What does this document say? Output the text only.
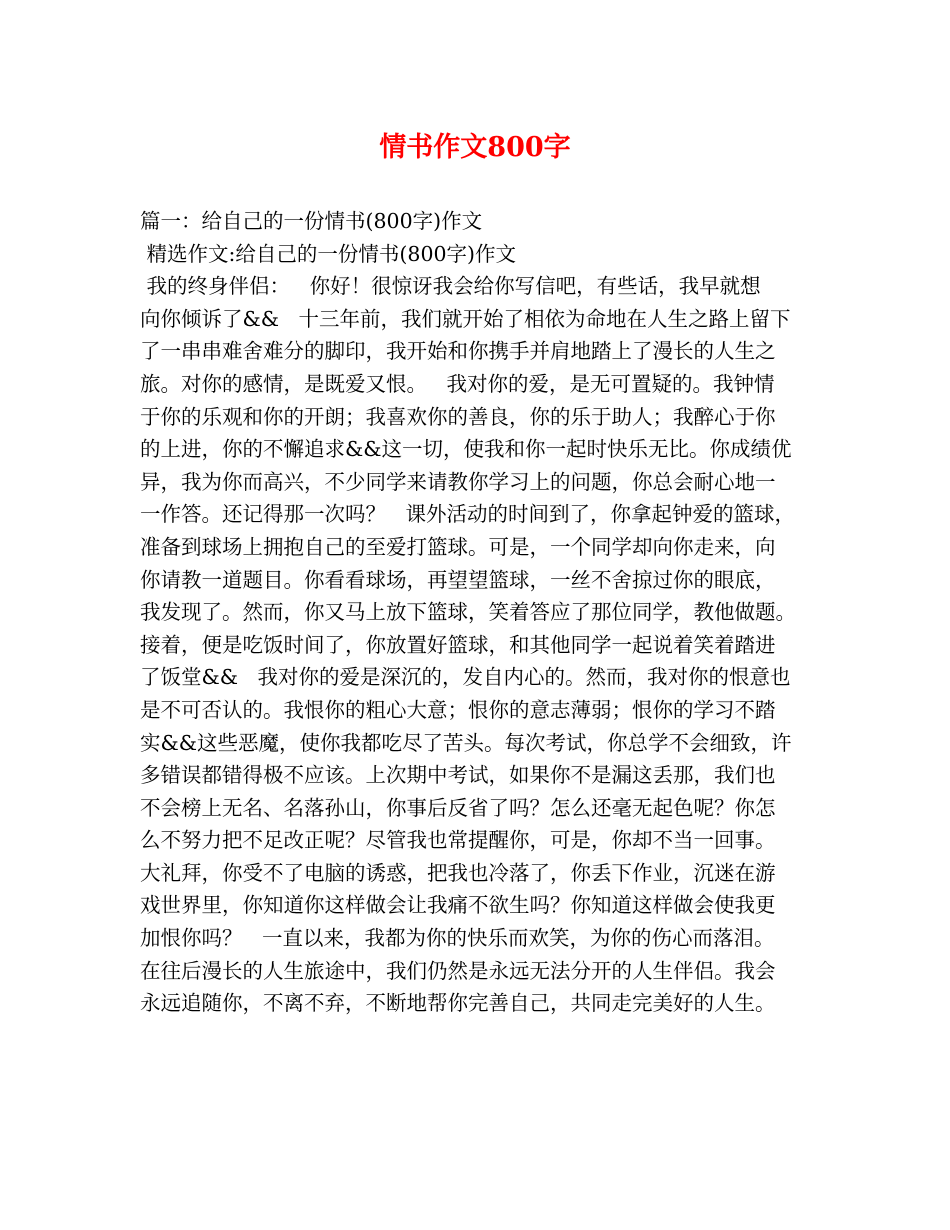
情书作文800字
篇一：给自己的一份情书(800字)作文
精选作文:给自己的一份情书(800字)作文
我的终身伴侣：   你好！很惊讶我会给你写信吧，有些话，我早就想
向你倾诉了&&   十三年前，我们就开始了相依为命地在人生之路上留下
了一串串难舍难分的脚印，我开始和你携手并肩地踏上了漫长的人生之
旅。对你的感情，是既爱又恨。   我对你的爱，是无可置疑的。我钟情
于你的乐观和你的开朗；我喜欢你的善良，你的乐于助人；我醉心于你
的上进，你的不懈追求&&这一切，使我和你一起时快乐无比。你成绩优
异，我为你而高兴，不少同学来请教你学习上的问题，你总会耐心地一
一作答。还记得那一次吗？   课外活动的时间到了，你拿起钟爱的篮球，
准备到球场上拥抱自己的至爱打篮球。可是，一个同学却向你走来，向
你请教一道题目。你看看球场，再望望篮球，一丝不舍掠过你的眼底，
我发现了。然而，你又马上放下篮球，笑着答应了那位同学，教他做题。
接着，便是吃饭时间了，你放置好篮球，和其他同学一起说着笑着踏进
了饭堂&&   我对你的爱是深沉的，发自内心的。然而，我对你的恨意也
是不可否认的。我恨你的粗心大意；恨你的意志薄弱；恨你的学习不踏
实&&这些恶魔，使你我都吃尽了苦头。每次考试，你总学不会细致，许
多错误都错得极不应该。上次期中考试，如果你不是漏这丢那，我们也
不会榜上无名、名落孙山，你事后反省了吗？怎么还毫无起色呢？你怎
么不努力把不足改正呢？尽管我也常提醒你，可是，你却不当一回事。
大礼拜，你受不了电脑的诱惑，把我也冷落了，你丢下作业，沉迷在游
戏世界里，你知道你这样做会让我痛不欲生吗？你知道这样做会使我更
加恨你吗？   一直以来，我都为你的快乐而欢笑，为你的伤心而落泪。
在往后漫长的人生旅途中，我们仍然是永远无法分开的人生伴侣。我会
永远追随你，不离不弃，不断地帮你完善自己，共同走完美好的人生。
